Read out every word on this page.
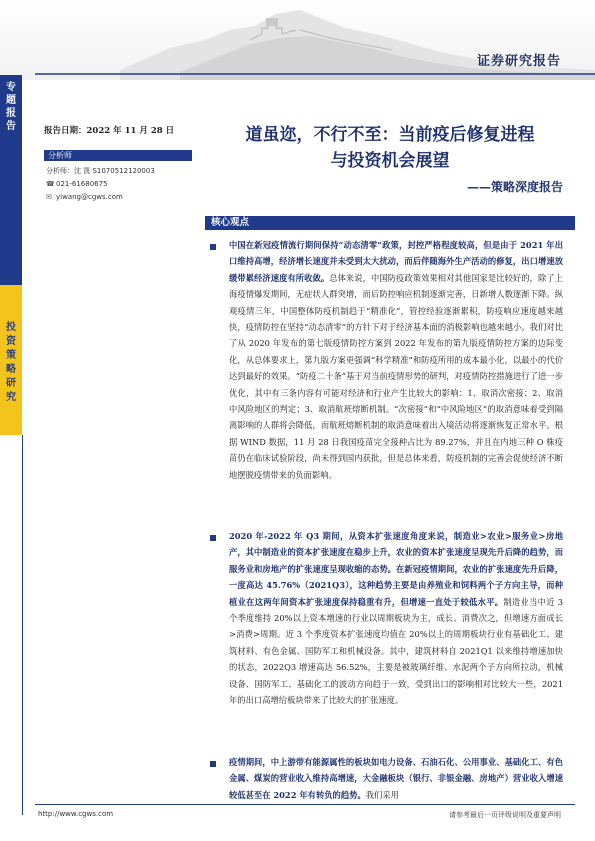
证券研究报告
专
题
报
告
投
资
策
略
研
究
报告日期：2022 年 11 月 28 日
分析师
分析师：沈 凯 S1070512120003
☎021-61680675
✉ yiwang@cgws.com
道虽迩，不行不至：当前疫后修复进程
与投资机会展望
——策略深度报告
核心观点
中国在新冠疫情流行期间保持“动态清零”政策，封控严格程度较高，但是由于 2021 年出口维持高增，经济增长速度并未受到太大扰动，而后伴随海外生产活动的修复，出口增速放缓带累经济速度有所收敛。总体来说，中国防疫政策效果相对其他国家是比较好的，除了上海疫情爆发期间，无症状人群突增，而后防控响应机制逐渐完善，日新增人数逐渐下降。纵观疫情三年，中国整体防疫机制趋于“精准化”，管控经验逐渐累积，防疫响应速度越来越快，疫情防控在坚持“动态清零”的方针下对于经济基本面的消极影响也越来越小。我们对比了从 2020 年发布的第七版疫情防控方案到 2022 年发布的第九版疫情防控方案的边际变化，从总体要求上，第九版方案更强调“科学精准”和防疫所用的成本最小化，以最小的代价达到最好的效果。“防疫二十条”基于对当前疫情形势的研判，对疫情防控措施进行了进一步优化，其中有三条内容有可能对经济和行业产生比较大的影响：1、取消次密接；2、取消中风险地区的判定；3、取消航班熔断机制。“次密接”和“中风险地区”的取消意味着受到隔离影响的人群将会降低，而航班熔断机制的取消意味着出入境活动将逐渐恢复正常水平。根据 WIND 数据，11 月 28 日我国疫苗完全接种占比为 89.27%，并且在内地三种 O 株疫苗仍在临床试验阶段，尚未得到国内获批，但是总体来看，防疫机制的完善会促使经济不断地摆脱疫情带来的负面影响。
2020 年-2022 年 Q3 期间，从资本扩张速度角度来说，制造业>农业>服务业>房地产，其中制造业的资本扩张速度在稳步上升，农业的资本扩张速度呈现先升后降的趋势，而服务业和房地产的扩张速度呈现收缩的态势。在新冠疫情期间，农业的扩张速度先升后降，一度高达 45.76%（2021Q3），这种趋势主要是由养殖业和饲料两个子方向主导，而种植业在这两年间资本扩张速度保持稳重有升，但增速一直处于较低水平。制造业当中近 3 个季度维持 20%以上资本增速的行业以周期板块为主，成长、消费次之，但增速方面成长>消费>周期。近 3 个季度资本扩张速度均值在 20%以上的周期板块行业有基础化工、建筑材料、有色金属、国防军工和机械设备。其中，建筑材料自 2021Q1 以来维持增速加快的状态，2022Q3 增速高达 56.52%，主要是被玻璃纤维、水泥两个子方向所拉动，机械设备、国防军工、基础化工的波动方向趋于一致，受到出口的影响相对比较大一些，2021 年的出口高增给板块带来了比较大的扩张速度。
疫情期间，中上游带有能源属性的板块如电力设备、石油石化、公用事业、基础化工、有色金属、煤炭的营业收入维持高增速，大金融板块（银行、非银金融、房地产）营业收入增速较低甚至在 2022 年有转负的趋势。我们采用
http://www.cgws.com	请参考最后一页评级说明及重要声明
